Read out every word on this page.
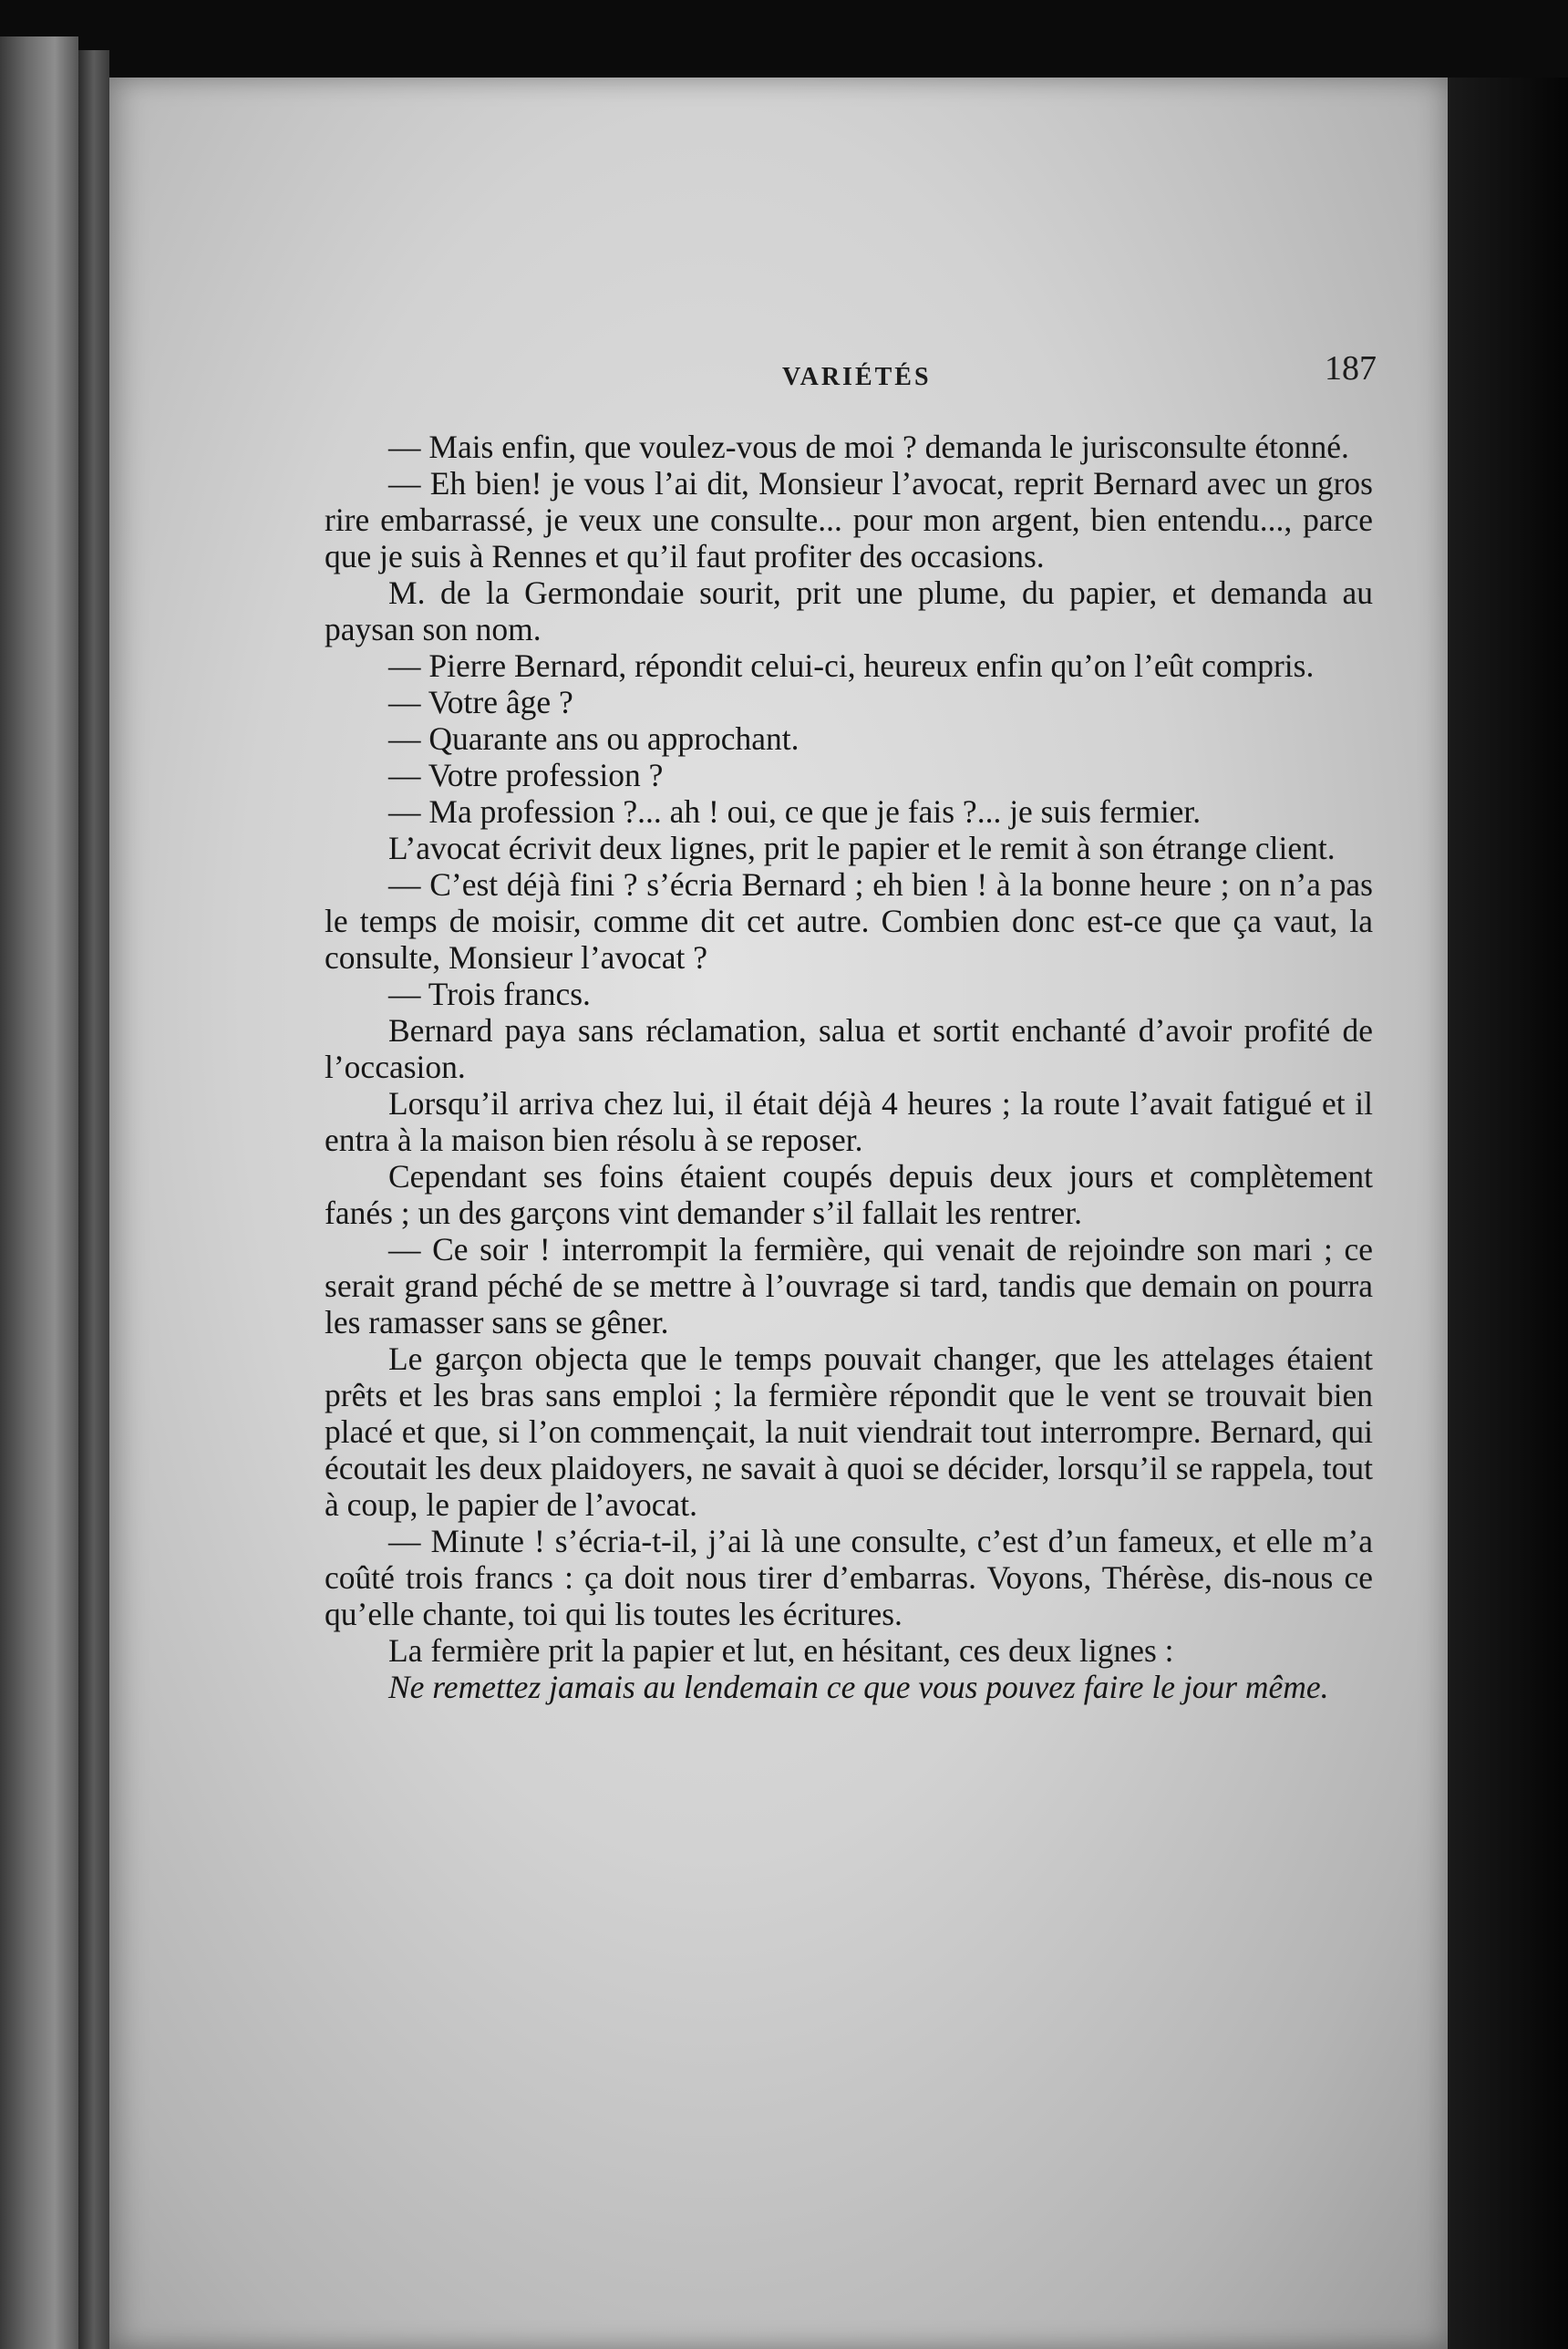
VARIÉTÉS	187

— Mais enfin, que voulez-vous de moi ? demanda le jurisconsulte étonné.

— Eh bien! je vous l’ai dit, Monsieur l’avocat, reprit Bernard avec un gros rire embarrassé, je veux une consulte... pour mon argent, bien entendu..., parce que je suis à Rennes et qu’il faut profiter des occasions.

M. de la Germondaie sourit, prit une plume, du papier, et demanda au paysan son nom.

— Pierre Bernard, répondit celui-ci, heureux enfin qu’on l’eût compris.

— Votre âge ?

— Quarante ans ou approchant.

— Votre profession ?

— Ma profession ?... ah ! oui, ce que je fais ?... je suis fermier.

L’avocat écrivit deux lignes, prit le papier et le remit à son étrange client.

— C’est déjà fini ? s’écria Bernard ; eh bien ! à la bonne heure ; on n’a pas le temps de moisir, comme dit cet autre. Combien donc est-ce que ça vaut, la consulte, Monsieur l’avocat ?

— Trois francs.

Bernard paya sans réclamation, salua et sortit enchanté d’avoir profité de l’occasion.

Lorsqu’il arriva chez lui, il était déjà 4 heures ; la route l’avait fatigué et il entra à la maison bien résolu à se reposer.

Cependant ses foins étaient coupés depuis deux jours et complètement fanés ; un des garçons vint demander s’il fallait les rentrer.

— Ce soir ! interrompit la fermière, qui venait de rejoindre son mari ; ce serait grand péché de se mettre à l’ouvrage si tard, tandis que demain on pourra les ramasser sans se gêner.

Le garçon objecta que le temps pouvait changer, que les attelages étaient prêts et les bras sans emploi ; la fermière répondit que le vent se trouvait bien placé et que, si l’on commençait, la nuit viendrait tout interrompre. Bernard, qui écoutait les deux plaidoyers, ne savait à quoi se décider, lorsqu’il se rappela, tout à coup, le papier de l’avocat.

— Minute ! s’écria-t-il, j’ai là une consulte, c’est d’un fameux, et elle m’a coûté trois francs : ça doit nous tirer d’embarras. Voyons, Thérèse, dis-nous ce qu’elle chante, toi qui lis toutes les écritures.

La fermière prit la papier et lut, en hésitant, ces deux lignes :

Ne remettez jamais au lendemain ce que vous pouvez faire le jour même.
